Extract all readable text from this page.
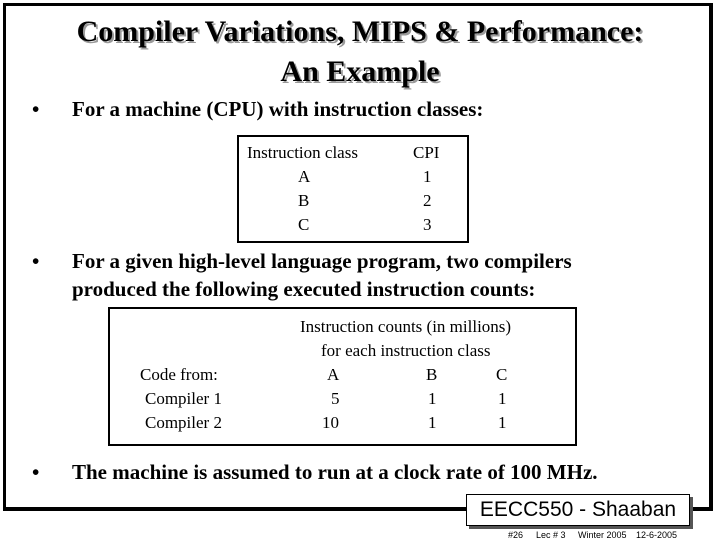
Compiler Variations, MIPS & Performance:
An Example
• For a machine (CPU) with instruction classes:
Instruction class	CPI
A	1
B	2
C	3
• For a given high-level language program, two compilers
produced the following executed instruction counts:
Instruction counts (in millions)
for each instruction class
Code from:	A	B	C
Compiler 1	5	1	1
Compiler 2	10	1	1
• The machine is assumed to run at a clock rate of 100 MHz.
EECC550 - Shaaban
#26 Lec # 3 Winter 2005 12-6-2005
